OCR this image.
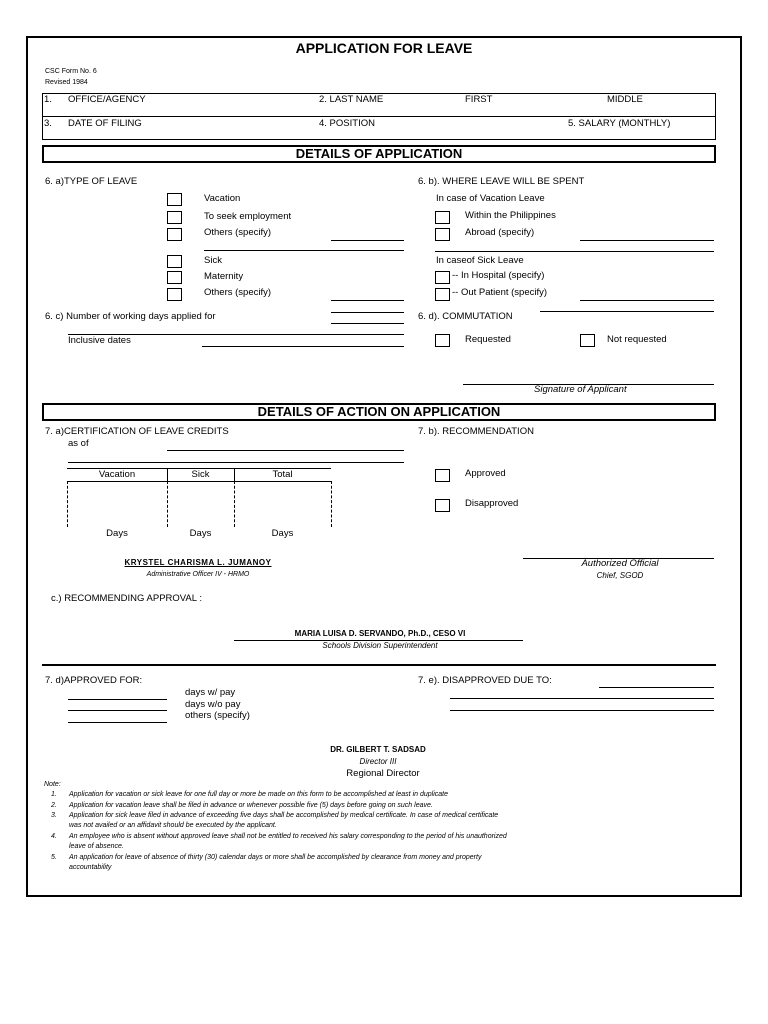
APPLICATION FOR LEAVE
CSC Form No. 6
Revised 1984
1. OFFICE/AGENCY	2. LAST NAME	FIRST	MIDDLE
3. DATE OF FILING	4. POSITION	5. SALARY (MONTHLY)
DETAILS OF APPLICATION
6. a)TYPE OF LEAVE
Vacation
To seek employment
Others (specify)
Sick
Maternity
Others (specify)
6. b). WHERE LEAVE WILL BE SPENT
In case of Vacation Leave
Within the Philippines
Abroad (specify)
In caseof Sick Leave
-- In Hospital (specify)
-- Out Patient (specify)
6. c) Number of working days applied for
Inclusive dates
6. d). COMMUTATION
Requested	Not requested
Signature of Applicant
DETAILS OF ACTION ON APPLICATION
7. a)CERTIFICATION OF LEAVE CREDITS
as of
Vacation	Sick	Total
Days	Days	Days
7. b). RECOMMENDATION
Approved
Disapproved
KRYSTEL CHARISMA L. JUMANOY
Administrative Officer IV - HRMO
Authorized Official
Chief, SGOD
c.) RECOMMENDING APPROVAL :
MARIA LUISA D. SERVANDO, Ph.D., CESO VI
Schools Division Superintendent
7. d)APPROVED FOR:
days w/ pay
days w/o pay
others (specify)
7. e). DISAPPROVED DUE TO:
DR. GILBERT T. SADSAD
Director III
Regional Director
Note:
1. Application for vacation or sick leave for one full day or more be made on this form to be accomplished at least in duplicate
2. Application for vacation leave shall be filed in advance or whenever possible five (5) days before going on such leave.
3. Application for sick leave filed in advance of exceeding five days shall be accomplished by medical certificate. In case of medical certificate
was not availed or an affidavit should be executed by the applicant.
4. An employee who is absent without approved leave shall not be entitled to received his salary corresponding to the period of his unauthorized
leave of absence.
5. An application for leave of absence of thirty (30) calendar days or more shall be accomplished by clearance from money and property
accountability
